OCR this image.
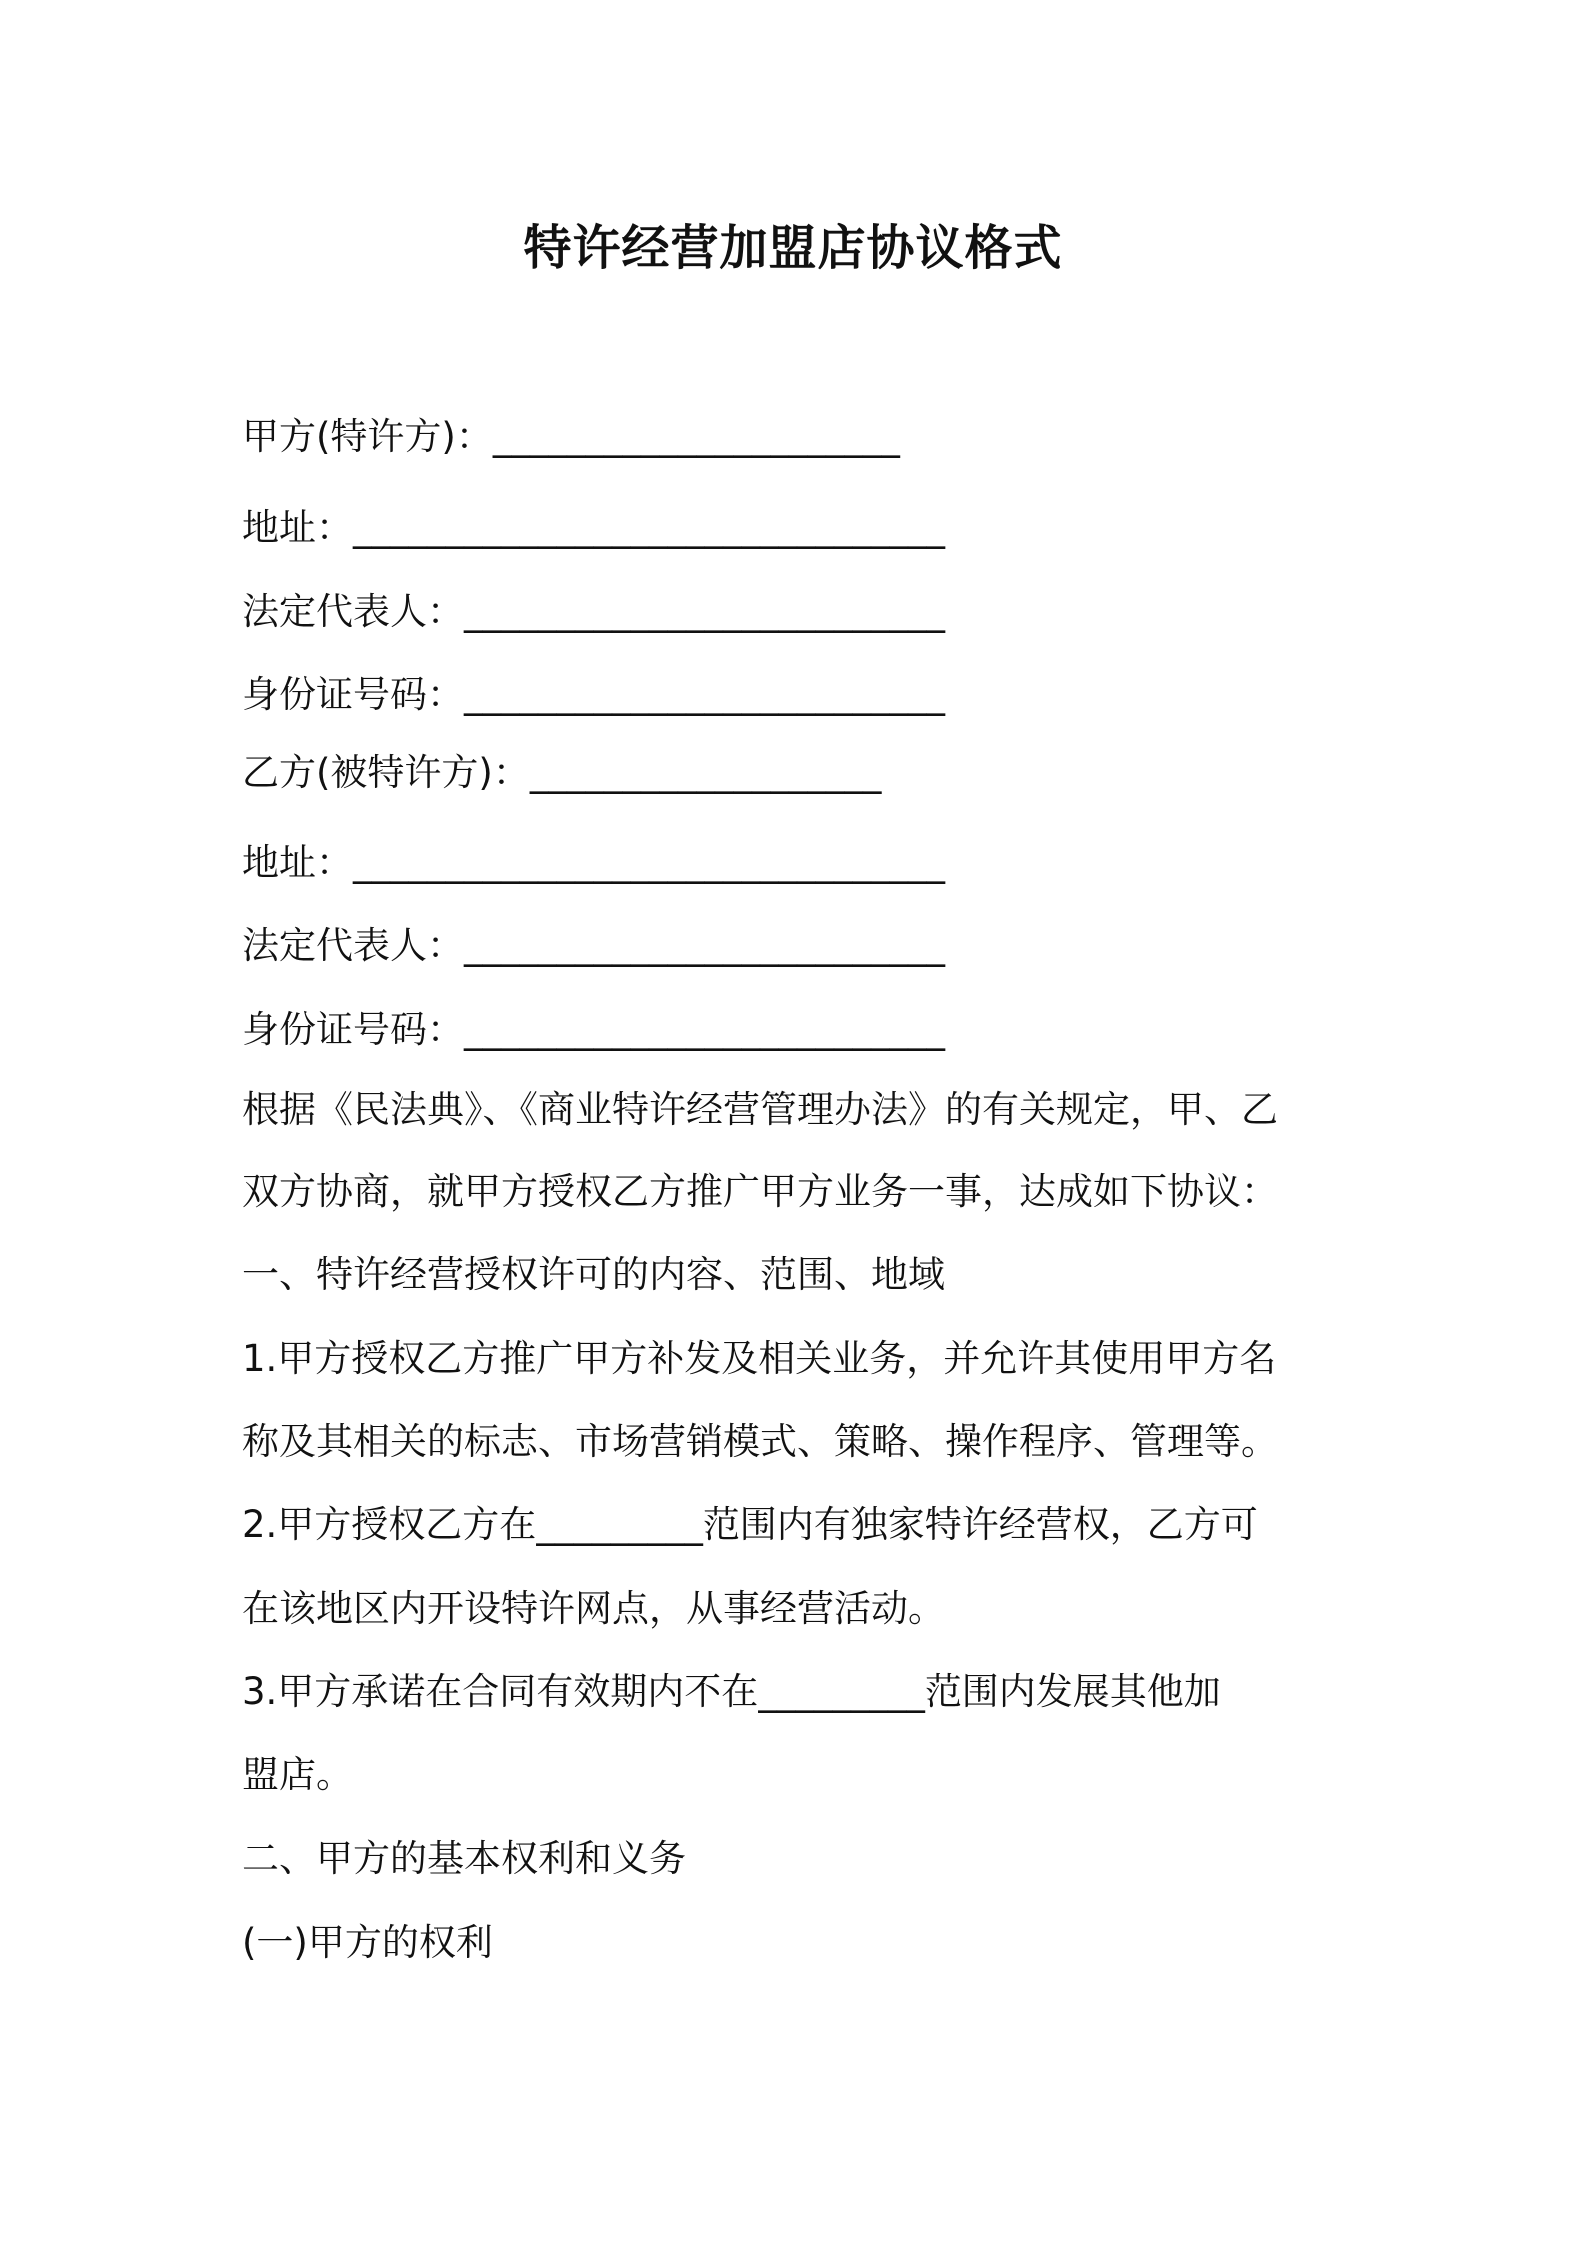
特许经营加盟店协议格式

甲方(特许方)：______________________

地址：________________________________

法定代表人：__________________________

身份证号码：__________________________

乙方(被特许方)：___________________

地址：________________________________

法定代表人：__________________________

身份证号码：__________________________

根据《民法典》、《商业特许经营管理办法》的有关规定，甲、乙

双方协商，就甲方授权乙方推广甲方业务一事，达成如下协议：

一、特许经营授权许可的内容、范围、地域

1.甲方授权乙方推广甲方补发及相关业务，并允许其使用甲方名

称及其相关的标志、市场营销模式、策略、操作程序、管理等。

2.甲方授权乙方在_________范围内有独家特许经营权，乙方可

在该地区内开设特许网点，从事经营活动。

3.甲方承诺在合同有效期内不在_________范围内发展其他加

盟店。

二、甲方的基本权利和义务

(一)甲方的权利
